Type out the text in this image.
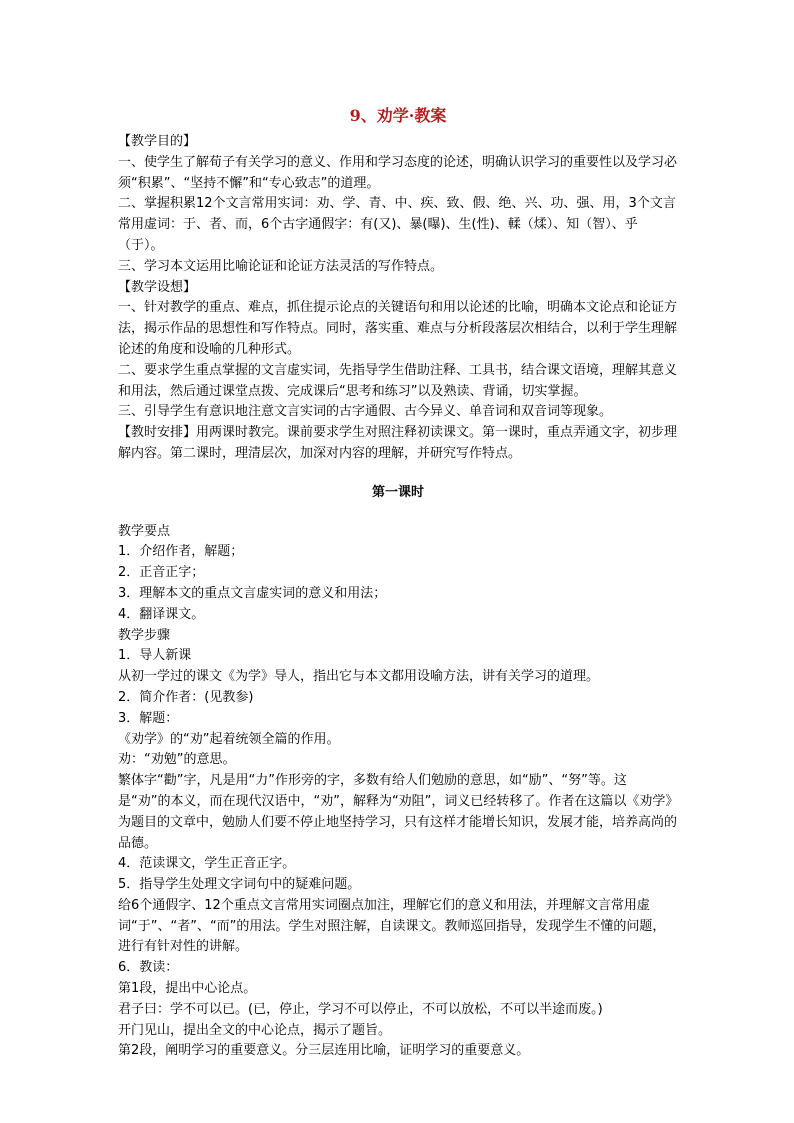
9、劝学·教案

【教学目的】

一、使学生了解荀子有关学习的意义、作用和学习态度的论述，明确认识学习的重要性以及学习必须“积累”、“坚持不懈”和“专心致志”的道理。

二、掌握积累12个文言常用实词：劝、学、青、中、疾、致、假、绝、兴、功、强、用，3个文言常用虚词：于、者、而，6个古字通假字：有(又)、暴(曝)、生(性)、輮（煣）、知（智）、乎（于）。

三、学习本文运用比喻论证和论证方法灵活的写作特点。

【教学设想】

一、针对教学的重点、难点，抓住提示论点的关键语句和用以论述的比喻，明确本文论点和论证方法，揭示作品的思想性和写作特点。同时，落实重、难点与分析段落层次相结合，以利于学生理解论述的角度和设喻的几种形式。

二、要求学生重点掌握的文言虚实词，先指导学生借助注释、工具书，结合课文语境，理解其意义和用法，然后通过课堂点拨、完成课后“思考和练习”以及熟读、背诵，切实掌握。

三、引导学生有意识地注意文言实词的古字通假、古今异义、单音词和双音词等现象。

【教时安排】用两课时教完。课前要求学生对照注释初读课文。第一课时，重点弄通文字，初步理解内容。第二课时，理清层次，加深对内容的理解，并研究写作特点。

第一课时

教学要点

1．介绍作者，解题；

2．正音正字；

3．理解本文的重点文言虚实词的意义和用法；

4．翻译课文。

教学步骤

1．导人新课

从初一学过的课文《为学》导人，指出它与本文都用设喻方法，讲有关学习的道理。

2．简介作者：(见教参)

3．解题：

《劝学》的“劝”起着统领全篇的作用。

劝：“劝勉”的意思。

繁体字“勸”字，凡是用“力”作形旁的字，多数有给人们勉励的意思，如“励”、“努”等。这是“劝”的本义，而在现代汉语中，“劝”，解释为“劝阻”，词义已经转移了。作者在这篇以《劝学》为题目的文章中，勉励人们要不停止地坚持学习，只有这样才能增长知识，发展才能，培养高尚的品德。

4．范读课文，学生正音正字。

5．指导学生处理文字词句中的疑难问题。

给6个通假字、12个重点文言常用实词圈点加注，理解它们的意义和用法，并理解文言常用虚词“于”、“者”、“而”的用法。学生对照注解，自读课文。教师巡回指导，发现学生不懂的问题，进行有针对性的讲解。

6．教读：

第1段，提出中心论点。

君子曰：学不可以已。(已，停止，学习不可以停止，不可以放松，不可以半途而废。)

开门见山，提出全文的中心论点，揭示了题旨。

第2段，阐明学习的重要意义。分三层连用比喻，证明学习的重要意义。
